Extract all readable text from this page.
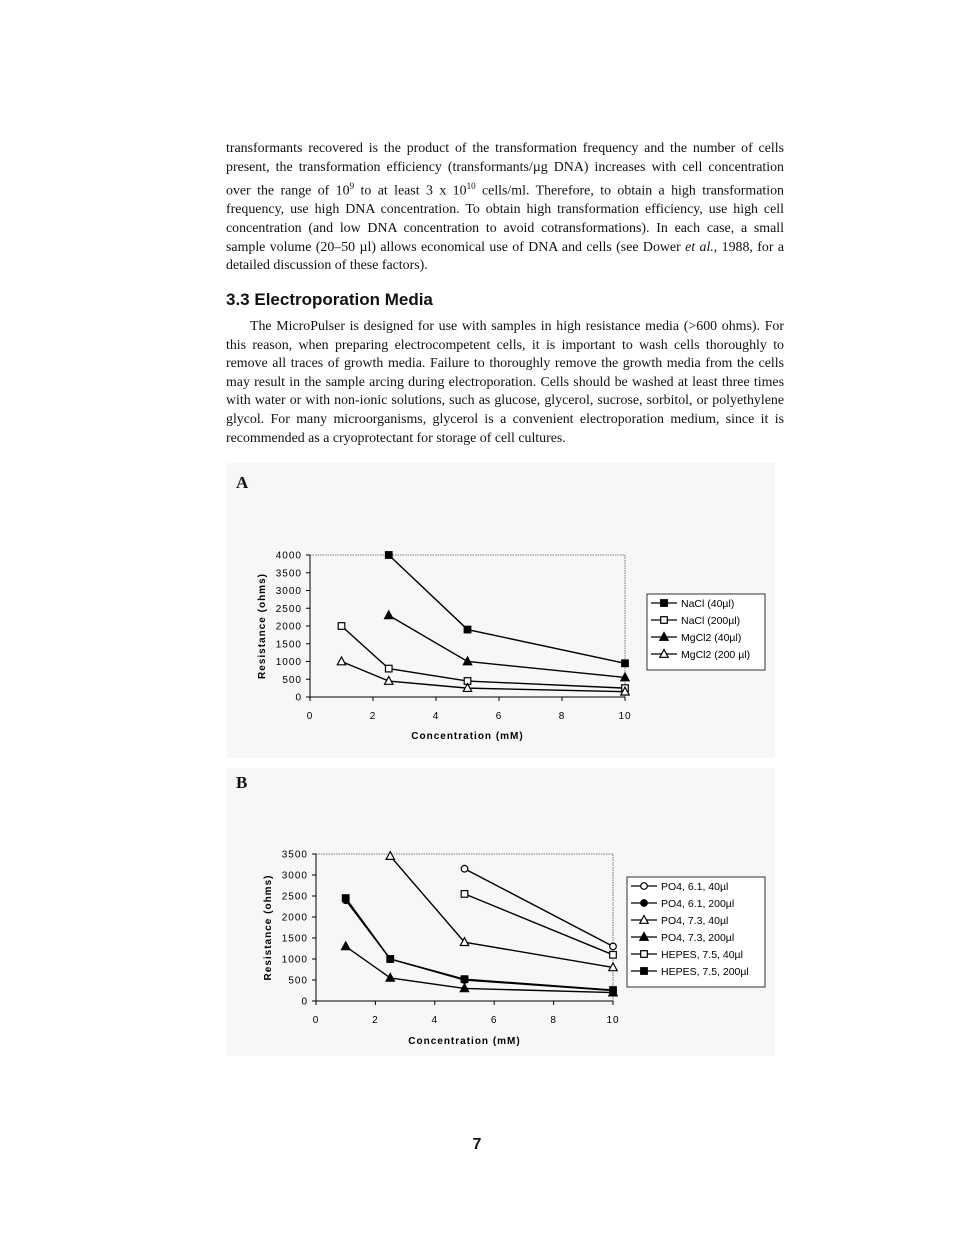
transformants recovered is the product of the transformation frequency and the number of cells present, the transformation efficiency (transformants/µg DNA) increases with cell concentration over the range of $10^9$ to at least 3 x $10^{10}$ cells/ml. Therefore, to obtain a high transformation frequency, use high DNA concentration. To obtain high transformation efficiency, use high cell concentration (and low DNA concentration to avoid cotransformations). In each case, a small sample volume (20–50 µl) allows economical use of DNA and cells (see Dower et al., 1988, for a detailed discussion of these factors).

3.3 Electroporation Media

The MicroPulser is designed for use with samples in high resistance media (>600 ohms). For this reason, when preparing electrocompetent cells, it is important to wash cells thoroughly to remove all traces of growth media. Failure to thoroughly remove the growth media from the cells may result in the sample arcing during electroporation. Cells should be washed at least three times with water or with non-ionic solutions, such as glucose, glycerol, sucrose, sorbitol, or polyethylene glycol. For many microorganisms, glycerol is a convenient electroporation medium, since it is recommended as a cryoprotectant for storage of cell cultures.

A
0
500
1000
1500
2000
2500
3000
3500
4000
0	2	4	6	8	10
Concentration (mM)
Resistance (ohms)	NaCl (40µl)
NaCl (200µl)
MgCl2 (40µl)
MgCl2 (200 µl)
B
0
500
1000
1500
2000
2500
3000
3500
0	2	4	6	8	10
Concentration (mM)
Resistance (ohms)	PO4, 6.1, 40µl
PO4, 6.1, 200µl
PO4, 7.3, 40µl
PO4, 7.3, 200µl
HEPES, 7.5, 40µl
HEPES, 7.5, 200µl
7
